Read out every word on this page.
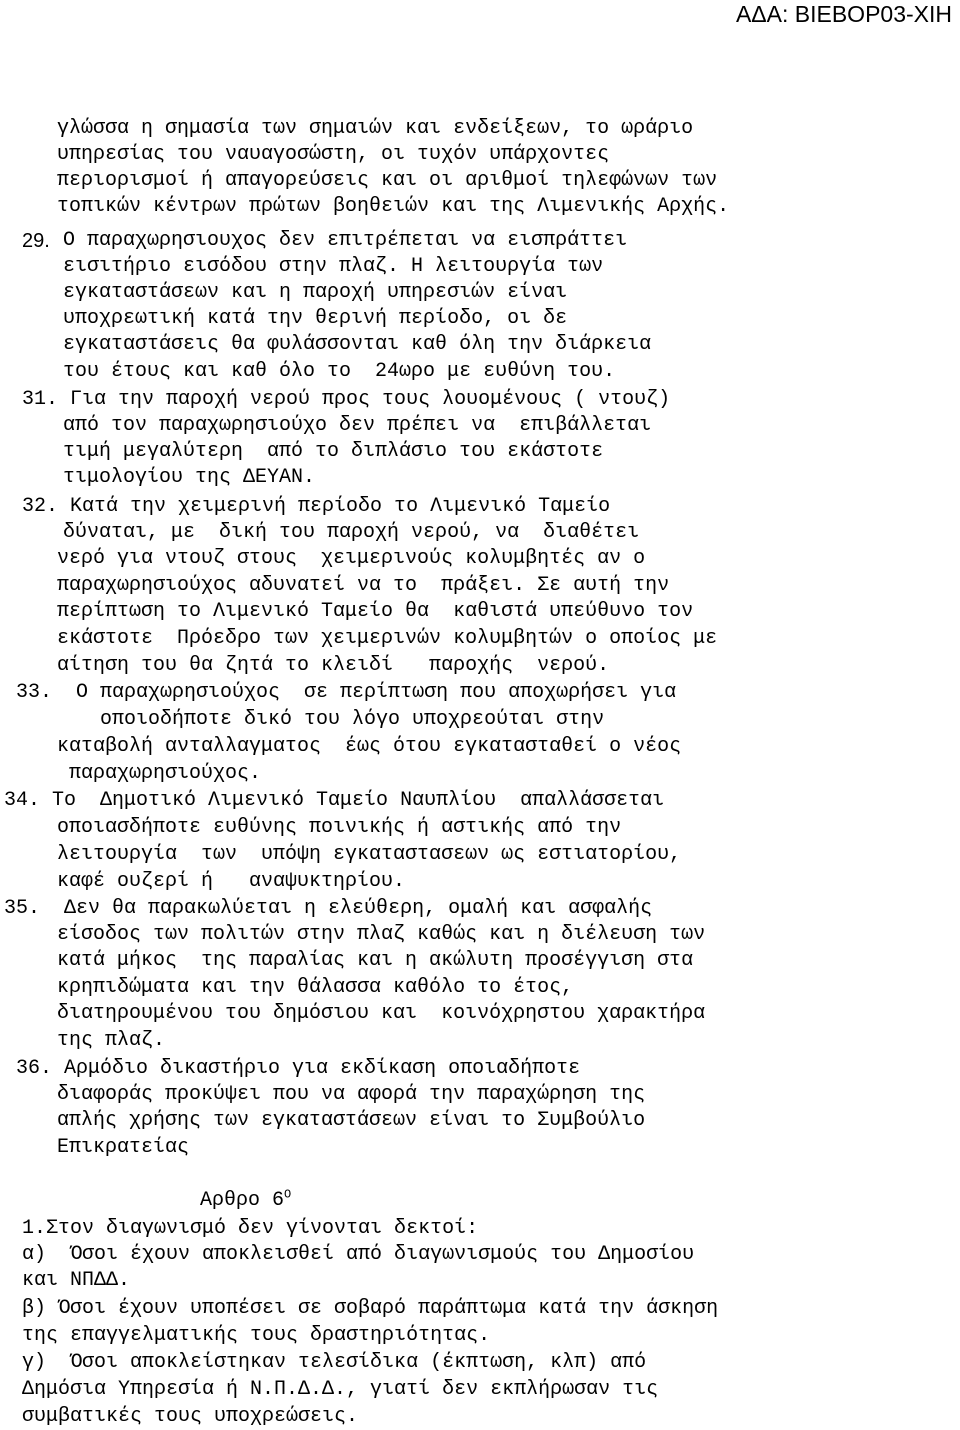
ΑΔΑ: ΒΙΕΒΟΡ03-ΧΙΗ
γλώσσα η σημασία των σημαιών και ενδείξεων, το ωράριο
υπηρεσίας του ναυαγοσώστη, οι τυχόν υπάρχοντες
περιορισμοί ή απαγορεύσεις και οι αριθμοί τηλεφώνων των
τοπικών κέντρων πρώτων βοηθειών και της Λιμενικής Αρχής.
29. Ο παραχωρησιουχος δεν επιτρέπεται να εισπράττει
εισιτήριο εισόδου στην πλαζ. Η λειτουργία των
εγκαταστάσεων και η παροχή υπηρεσιών είναι
υποχρεωτική κατά την θερινή περίοδο, οι δε
εγκαταστάσεις θα φυλάσσονται καθ όλη την διάρκεια
του έτους και καθ όλο το  24ωρο με ευθύνη του.
31. Για την παροχή νερού προς τους λουομένους ( ντουζ)
από τον παραχωρησιούχο δεν πρέπει να  επιβάλλεται
τιμή μεγαλύτερη  από το διπλάσιο του εκάστοτε
τιμολογίου της ΔΕΥΑΝ.
32. Κατά την χειμερινή περίοδο το Λιμενικό Ταμείο
δύναται, με  δική του παροχή νερού, να  διαθέτει
νερό για ντουζ στους  χειμερινούς κολυμβητές αν ο
παραχωρησιούχος αδυνατεί να το  πράξει. Σε αυτή την
περίπτωση το Λιμενικό Ταμείο θα  καθιστά υπεύθυνο τον
εκάστοτε  Πρόεδρο των χειμερινών κολυμβητών ο οποίος με
αίτηση του θα ζητά το κλειδί   παροχής  νερού.
33.  Ο παραχωρησιούχος  σε περίπτωση που αποχωρήσει για
οποιοδήποτε δικό του λόγο υποχρεούται στην
καταβολή ανταλλαγματος  έως ότου εγκατασταθεί ο νέος
παραχωρησιούχος.
34. Το  Δημοτικό Λιμενικό Ταμείο Ναυπλίου  απαλλάσσεται
οποιασδήποτε ευθύνης ποινικής ή αστικής από την
λειτουργία  των  υπόψη εγκαταστασεων ως εστιατορίου,
καφέ ουζερί ή   αναψυκτηρίου.
35.  Δεν θα παρακωλύεται η ελεύθερη, ομαλή και ασφαλής
είσοδος των πολιτών στην πλαζ καθώς και η διέλευση των
κατά μήκος  της παραλίας και η ακώλυτη προσέγγιση στα
κρηπιδώματα και την θάλασσα καθόλο το έτος,
διατηρουμένου του δημόσιου και  κοινόχρηστου χαρακτήρα
της πλαζ.
36. Αρμόδιο δικαστήριο για εκδίκαση οποιαδήποτε
διαφοράς προκύψει που να αφορά την παραχώρηση της
απλής χρήσης των εγκαταστάσεων είναι το Συμβούλιο
Επικρατείας
Αρθρο $6^O$
1.Στον διαγωνισμό δεν γίνονται δεκτοί:
α)  Όσοι έχουν αποκλεισθεί από διαγωνισμούς του Δημοσίου
και ΝΠΔΔ.
β) Όσοι έχουν υποπέσει σε σοβαρό παράπτωμα κατά την άσκηση
της επαγγελματικής τους δραστηριότητας.
γ)  Όσοι αποκλείστηκαν τελεσίδικα (έκπτωση, κλπ) από
Δημόσια Υπηρεσία ή Ν.Π.Δ.Δ., γιατί δεν εκπλήρωσαν τις
συμβατικές τους υποχρεώσεις.
